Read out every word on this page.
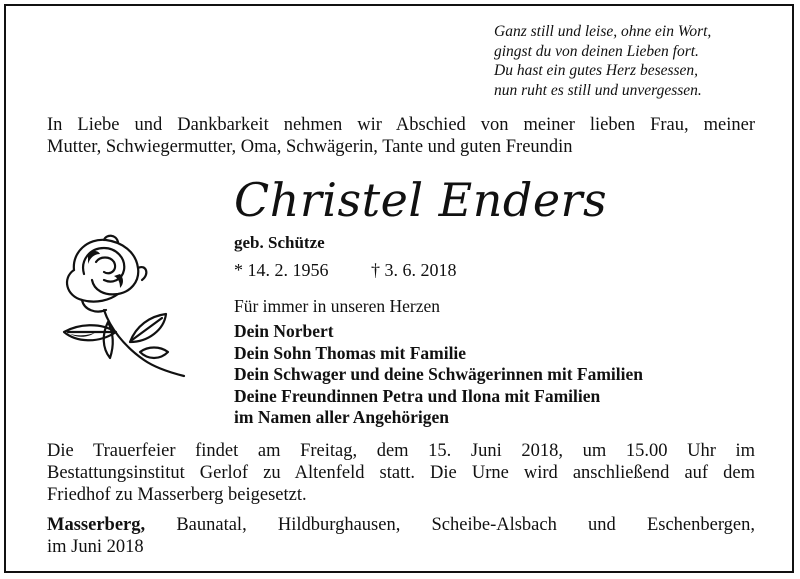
Ganz still und leise, ohne ein Wort,
gingst du von deinen Lieben fort.
Du hast ein gutes Herz besessen,
nun ruht es still und unvergessen.
In Liebe und Dankbarkeit nehmen wir Abschied von meiner lieben Frau, meiner
Mutter, Schwiegermutter, Oma, Schwägerin, Tante und guten Freundin
Christel Enders
geb. Schütze
* 14. 2. 1956 † 3. 6. 2018
Für immer in unseren Herzen
Dein Norbert
Dein Sohn Thomas mit Familie
Dein Schwager und deine Schwägerinnen mit Familien
Deine Freundinnen Petra und Ilona mit Familien
im Namen aller Angehörigen
Die Trauerfeier findet am Freitag, dem 15. Juni 2018, um 15.00 Uhr im
Bestattungsinstitut Gerlof zu Altenfeld statt. Die Urne wird anschließend auf dem
Friedhof zu Masserberg beigesetzt.
Masserberg, Baunatal, Hildburghausen, Scheibe-Alsbach und Eschenbergen,
im Juni 2018
